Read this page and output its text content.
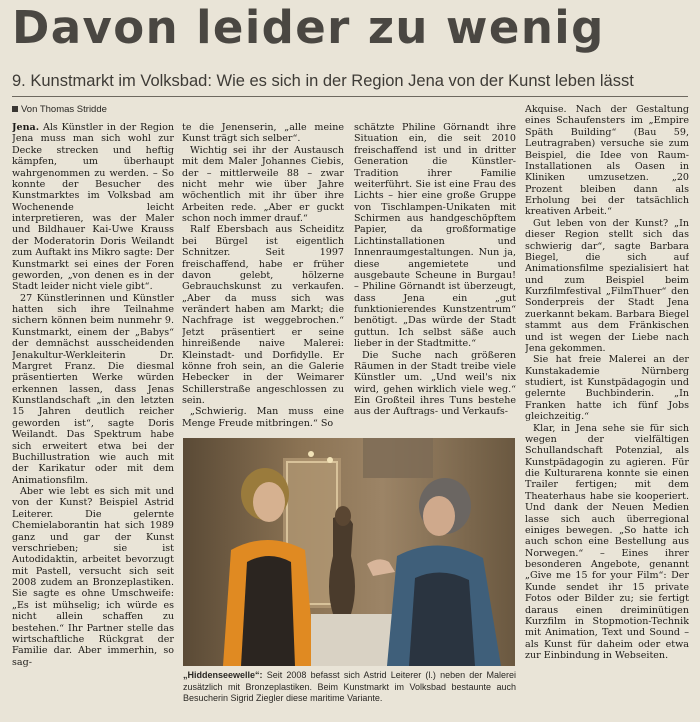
Davon leider zu wenig
9. Kunstmarkt im Volksbad: Wie es sich in der Region Jena von der Kunst leben lässt
Von Thomas Stridde

Jena. Als Künstler in der Region Jena muss man sich wohl zur Decke strecken und heftig kämpfen, um überhaupt wahrgenommen zu werden. – So konnte der Besucher des Kunstmarktes im Volksbad am Wochenende leicht interpretieren, was der Maler und Bildhauer Kai-Uwe Krauss der Moderatorin Doris Weilandt zum Auftakt ins Mikro sagte: Der Kunstmarkt sei eines der Foren geworden, „von denen es in der Stadt leider nicht viele gibt“.

27 Künstlerinnen und Künstler hatten sich ihre Teilnahme sichern können beim nunmehr 9. Kunstmarkt, einem der „Babys“ der demnächst ausscheidenden Jenakultur-Werkleiterin Dr. Margret Franz. Die diesmal präsentierten Werke würden erkennen lassen, dass Jenas Kunstlandschaft „in den letzten 15 Jahren deutlich reicher geworden ist“, sagte Doris Weilandt. Das Spektrum habe sich erweitert etwa bei der Buchillustration wie auch mit der Karikatur oder mit dem Animationsfilm.

Aber wie lebt es sich mit und von der Kunst? Beispiel Astrid Leiterer. Die gelernte Chemielaborantin hat sich 1989 ganz und gar der Kunst verschrieben; sie ist Autodidaktin, arbeitet bevorzugt mit Pastell, versucht sich seit 2008 zudem an Bronzeplastiken. Sie sagte es ohne Umschweife: „Es ist mühselig; ich würde es nicht allein schaffen zu bestehen.“ Ihr Partner stelle das wirtschaftliche Rückgrat der Familie dar. Aber immerhin, so sag-

te die Jenenserin, „alle meine Kunst trägt sich selber“.

Wichtig sei ihr der Austausch mit dem Maler Johannes Ciebis, der – mittlerweile 88 – zwar nicht mehr wie über Jahre wöchentlich mit ihr über ihre Arbeiten rede. „Aber er guckt schon noch immer drauf.“

Ralf Ebersbach aus Scheiditz bei Bürgel ist eigentlich Schnitzer. Seit 1997 freischaffend, habe er früher davon gelebt, hölzerne Gebrauchskunst zu verkaufen. „Aber da muss sich was verändert haben am Markt; die Nachfrage ist weggebrochen.“ Jetzt präsentiert er seine hinreißende naive Malerei: Kleinstadt- und Dorfidylle. Er könne froh sein, an die Galerie Hebecker in der Weimarer Schillerstraße angeschlossen zu sein.

„Schwierig. Man muss eine Menge Freude mitbringen.“ So

schätzte Philine Görnandt ihre Situation ein, die seit 2010 freischaffend ist und in dritter Generation die Künstler-Tradition ihrer Familie weiterführt. Sie ist eine Frau des Lichts – hier eine große Gruppe von Tischlampen-Unikaten mit Schirmen aus handgeschöpftem Papier, da großformatige Lichtinstallationen und Innenraumgestaltungen. Nun ja, diese angemietete und ausgebaute Scheune in Burgau! – Philine Görnandt ist überzeugt, dass Jena ein „gut funktionierendes Kunstzentrum“ benötigt. „Das würde der Stadt guttun. Ich selbst säße auch lieber in der Stadtmitte.“

Die Suche nach größeren Räumen in der Stadt treibe viele Künstler um. „Und weil's nix wird, gehen wirklich viele weg.“ Ein Großteil ihres Tuns bestehe aus der Auftrags- und Verkaufs-

Akquise. Nach der Gestaltung eines Schaufensters im „Empire Späth Building“ (Bau 59, Leutragraben) versuche sie zum Beispiel, die Idee von Raum-Installationen als Oasen in Kliniken umzusetzen. „20 Prozent bleiben dann als Erholung bei der tatsächlich kreativen Arbeit.“

Gut leben von der Kunst? „In dieser Region stellt sich das schwierig dar“, sagte Barbara Biegel, die sich auf Animationsfilme spezialisiert hat und zum Beispiel beim Kurzfilmfestival „FilmThuer“ den Sonderpreis der Stadt Jena zuerkannt bekam. Barbara Biegel stammt aus dem Fränkischen und ist wegen der Liebe nach Jena gekommen.

Sie hat freie Malerei an der Kunstakademie Nürnberg studiert, ist Kunstpädagogin und gelernte Buchbinderin. „In Franken hatte ich fünf Jobs gleichzeitig.“

Klar, in Jena sehe sie für sich wegen der vielfältigen Schullandschaft Potenzial, als Kunstpädagogin zu agieren. Für die Kulturarena konnte sie einen Trailer fertigen; mit dem Theaterhaus habe sie kooperiert. Und dank der Neuen Medien lasse sich auch überregional einiges bewegen. „So hatte ich auch schon eine Bestellung aus Norwegen.“ – Eines ihrer besonderen Angebote, genannt „Give me 15 for your Film“: Der Kunde sendet ihr 15 private Fotos oder Bilder zu; sie fertigt daraus einen dreiminütigen Kurzfilm in Stopmotion-Technik mit Animation, Text und Sound – als Kunst für daheim oder etwa zur Einbindung in Webseiten.

„Hiddenseewelle“: Seit 2008 befasst sich Astrid Leiterer (l.) neben der Malerei zusätzlich mit Bronzeplastiken. Beim Kunstmarkt im Volksbad bestaunte auch Besucherin Sigrid Ziegler diese maritime Variante.
